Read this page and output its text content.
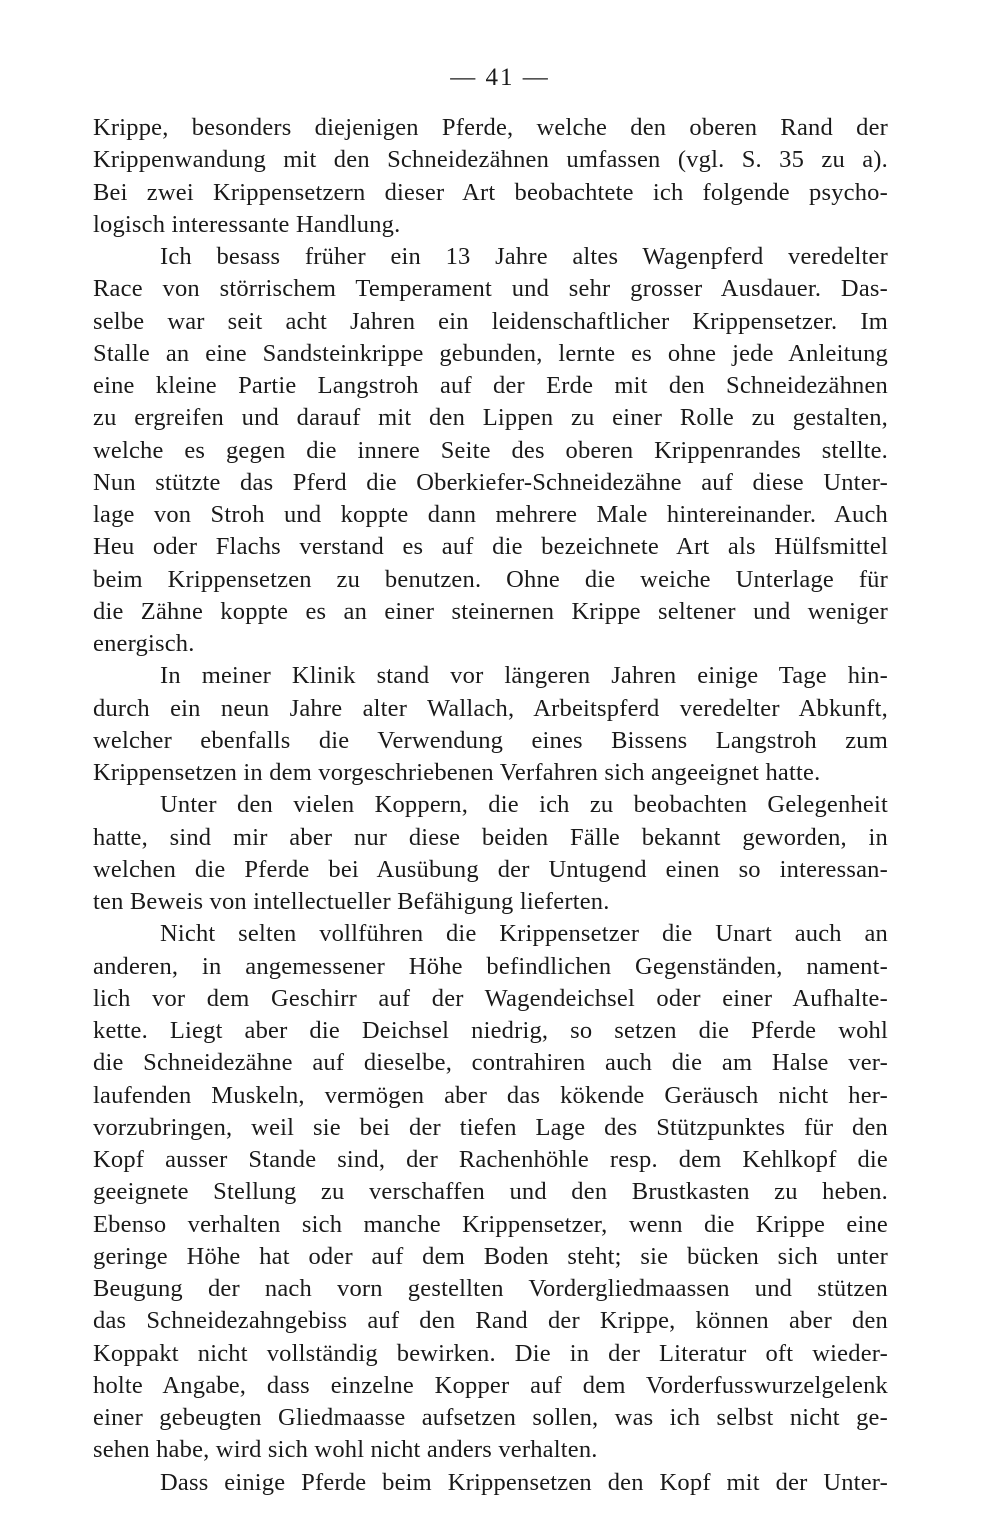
— 41 —
Krippe, besonders diejenigen Pferde, welche den oberen Rand der
Krippenwandung mit den Schneidezähnen umfassen (vgl. S. 35 zu a).
Bei zwei Krippensetzern dieser Art beobachtete ich folgende psycho-
logisch interessante Handlung.
Ich besass früher ein 13 Jahre altes Wagenpferd veredelter
Race von störrischem Temperament und sehr grosser Ausdauer. Das-
selbe war seit acht Jahren ein leidenschaftlicher Krippensetzer. Im
Stalle an eine Sandsteinkrippe gebunden, lernte es ohne jede Anleitung
eine kleine Partie Langstroh auf der Erde mit den Schneidezähnen
zu ergreifen und darauf mit den Lippen zu einer Rolle zu gestalten,
welche es gegen die innere Seite des oberen Krippenrandes stellte.
Nun stützte das Pferd die Oberkiefer-Schneidezähne auf diese Unter-
lage von Stroh und koppte dann mehrere Male hintereinander. Auch
Heu oder Flachs verstand es auf die bezeichnete Art als Hülfsmittel
beim Krippensetzen zu benutzen. Ohne die weiche Unterlage für
die Zähne koppte es an einer steinernen Krippe seltener und weniger
energisch.
In meiner Klinik stand vor längeren Jahren einige Tage hin-
durch ein neun Jahre alter Wallach, Arbeitspferd veredelter Abkunft,
welcher ebenfalls die Verwendung eines Bissens Langstroh zum
Krippensetzen in dem vorgeschriebenen Verfahren sich angeeignet hatte.
Unter den vielen Koppern, die ich zu beobachten Gelegenheit
hatte, sind mir aber nur diese beiden Fälle bekannt geworden, in
welchen die Pferde bei Ausübung der Untugend einen so interessan-
ten Beweis von intellectueller Befähigung lieferten.
Nicht selten vollführen die Krippensetzer die Unart auch an
anderen, in angemessener Höhe befindlichen Gegenständen, nament-
lich vor dem Geschirr auf der Wagendeichsel oder einer Aufhalte-
kette. Liegt aber die Deichsel niedrig, so setzen die Pferde wohl
die Schneidezähne auf dieselbe, contrahiren auch die am Halse ver-
laufenden Muskeln, vermögen aber das kökende Geräusch nicht her-
vorzubringen, weil sie bei der tiefen Lage des Stützpunktes für den
Kopf ausser Stande sind, der Rachenhöhle resp. dem Kehlkopf die
geeignete Stellung zu verschaffen und den Brustkasten zu heben.
Ebenso verhalten sich manche Krippensetzer, wenn die Krippe eine
geringe Höhe hat oder auf dem Boden steht; sie bücken sich unter
Beugung der nach vorn gestellten Vordergliedmaassen und stützen
das Schneidezahngebiss auf den Rand der Krippe, können aber den
Koppakt nicht vollständig bewirken. Die in der Literatur oft wieder-
holte Angabe, dass einzelne Kopper auf dem Vorderfusswurzelgelenk
einer gebeugten Gliedmaasse aufsetzen sollen, was ich selbst nicht ge-
sehen habe, wird sich wohl nicht anders verhalten.
Dass einige Pferde beim Krippensetzen den Kopf mit der Unter-
